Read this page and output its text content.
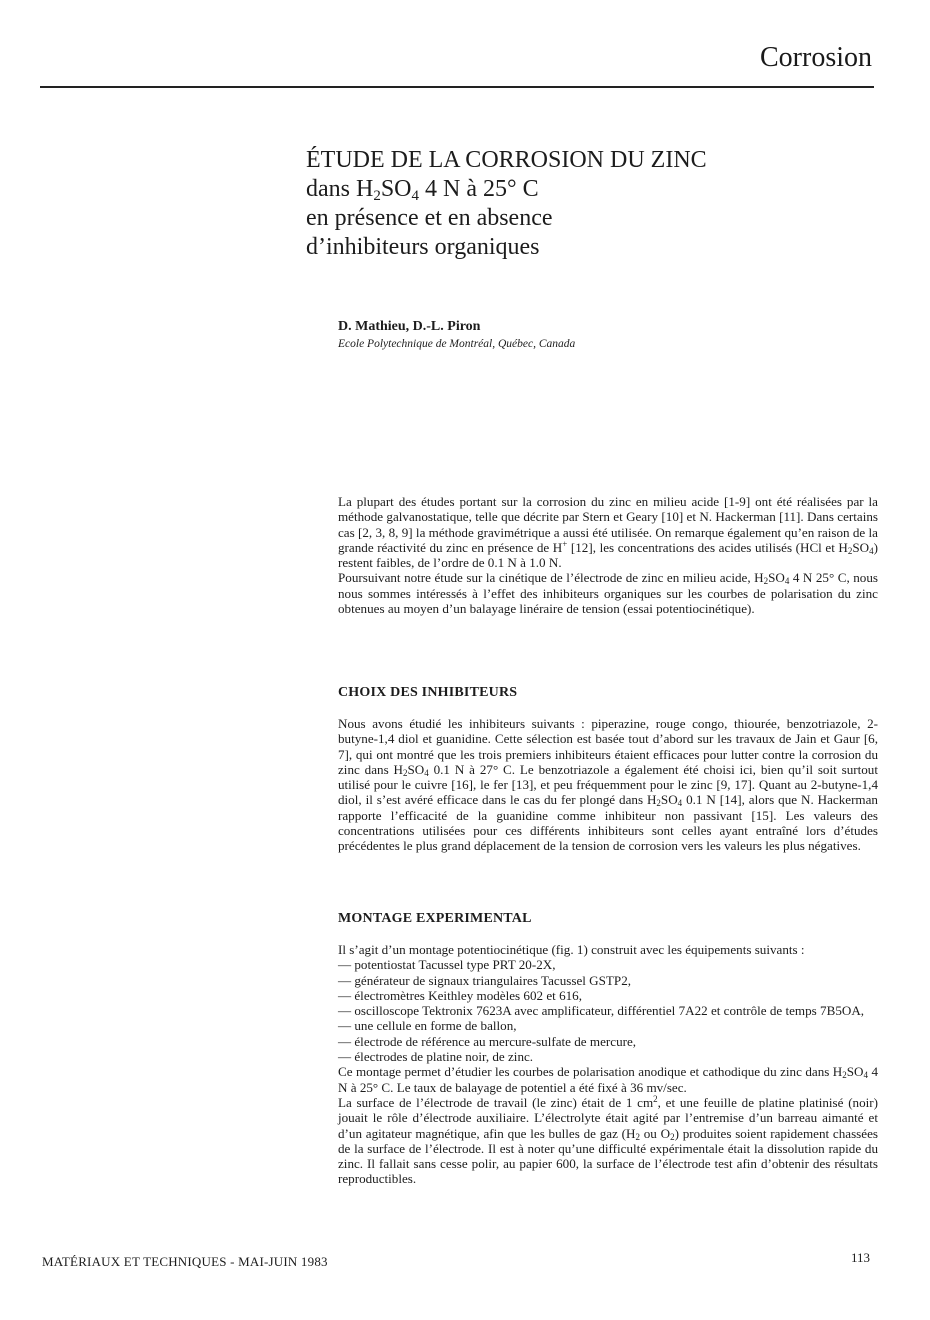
Corrosion
ÉTUDE DE LA CORROSION DU ZINC
dans $H_2SO_4$ 4 N à 25° C
en présence et en absence
d’inhibiteurs organiques
D. Mathieu, D.-L. Piron
Ecole Polytechnique de Montréal, Québec, Canada

La plupart des études portant sur la corrosion du zinc en milieu acide [1-9] ont été réalisées par la méthode galvanostatique, telle que décrite par Stern et Geary [10] et N. Hackerman [11]. Dans certains cas [2, 3, 8, 9] la méthode gravimétrique a aussi été utilisée. On remarque également qu’en raison de la grande réactivité du zinc en présence de H+ [12], les concentrations des acides utilisés (HCl et $H_2SO_4$) restent faibles, de l’ordre de 0.1 N à 1.0 N.

Poursuivant notre étude sur la cinétique de l’électrode de zinc en milieu acide, $H_2SO_4$ 4 N 25° C, nous nous sommes intéressés à l’effet des inhibiteurs organiques sur les courbes de polarisation du zinc obtenues au moyen d’un balayage linéraire de tension (essai potentiocinétique).

CHOIX DES INHIBITEURS

Nous avons étudié les inhibiteurs suivants : piperazine, rouge congo, thiourée, benzotriazole, 2-butyne-1,4 diol et guanidine. Cette sélection est basée tout d’abord sur les travaux de Jain et Gaur [6, 7], qui ont montré que les trois premiers inhibiteurs étaient efficaces pour lutter contre la corrosion du zinc dans $H_2SO_4$ 0.1 N à 27° C. Le benzotriazole a également été choisi ici, bien qu’il soit surtout utilisé pour le cuivre [16], le fer [13], et peu fréquemment pour le zinc [9, 17]. Quant au 2-butyne-1,4 diol, il s’est avéré efficace dans le cas du fer plongé dans $H_2SO_4$ 0.1 N [14], alors que N. Hackerman rapporte l’efficacité de la guanidine comme inhibiteur non passivant [15]. Les valeurs des concentrations utilisées pour ces différents inhibiteurs sont celles ayant entraîné lors d’études précédentes le plus grand déplacement de la tension de corrosion vers les valeurs les plus négatives.

MONTAGE EXPERIMENTAL

Il s’agit d’un montage potentiocinétique (fig. 1) construit avec les équipements suivants :

— potentiostat Tacussel type PRT 20-2X,
— générateur de signaux triangulaires Tacussel GSTP2,
— électromètres Keithley modèles 602 et 616,
— oscilloscope Tektronix 7623A avec amplificateur, différentiel 7A22 et contrôle de temps 7B5OA,
— une cellule en forme de ballon,
— électrode de référence au mercure-sulfate de mercure,
— électrodes de platine noir, de zinc.

Ce montage permet d’étudier les courbes de polarisation anodique et cathodique du zinc dans $H_2SO_4$ 4 N à 25° C. Le taux de balayage de potentiel a été fixé à 36 mv/sec.

La surface de l’électrode de travail (le zinc) était de 1 $cm^2$, et une feuille de platine platinisé (noir) jouait le rôle d’électrode auxiliaire. L’électrolyte était agité par l’entremise d’un barreau aimanté et d’un agitateur magnétique, afin que les bulles de gaz ($H_2$ ou $O_2$) produites soient rapidement chassées de la surface de l’électrode. Il est à noter qu’une difficulté expérimentale était la dissolution rapide du zinc. Il fallait sans cesse polir, au papier 600, la surface de l’électrode test afin d’obtenir des résultats reproductibles.

MATÉRIAUX ET TECHNIQUES - MAI-JUIN 1983	113
